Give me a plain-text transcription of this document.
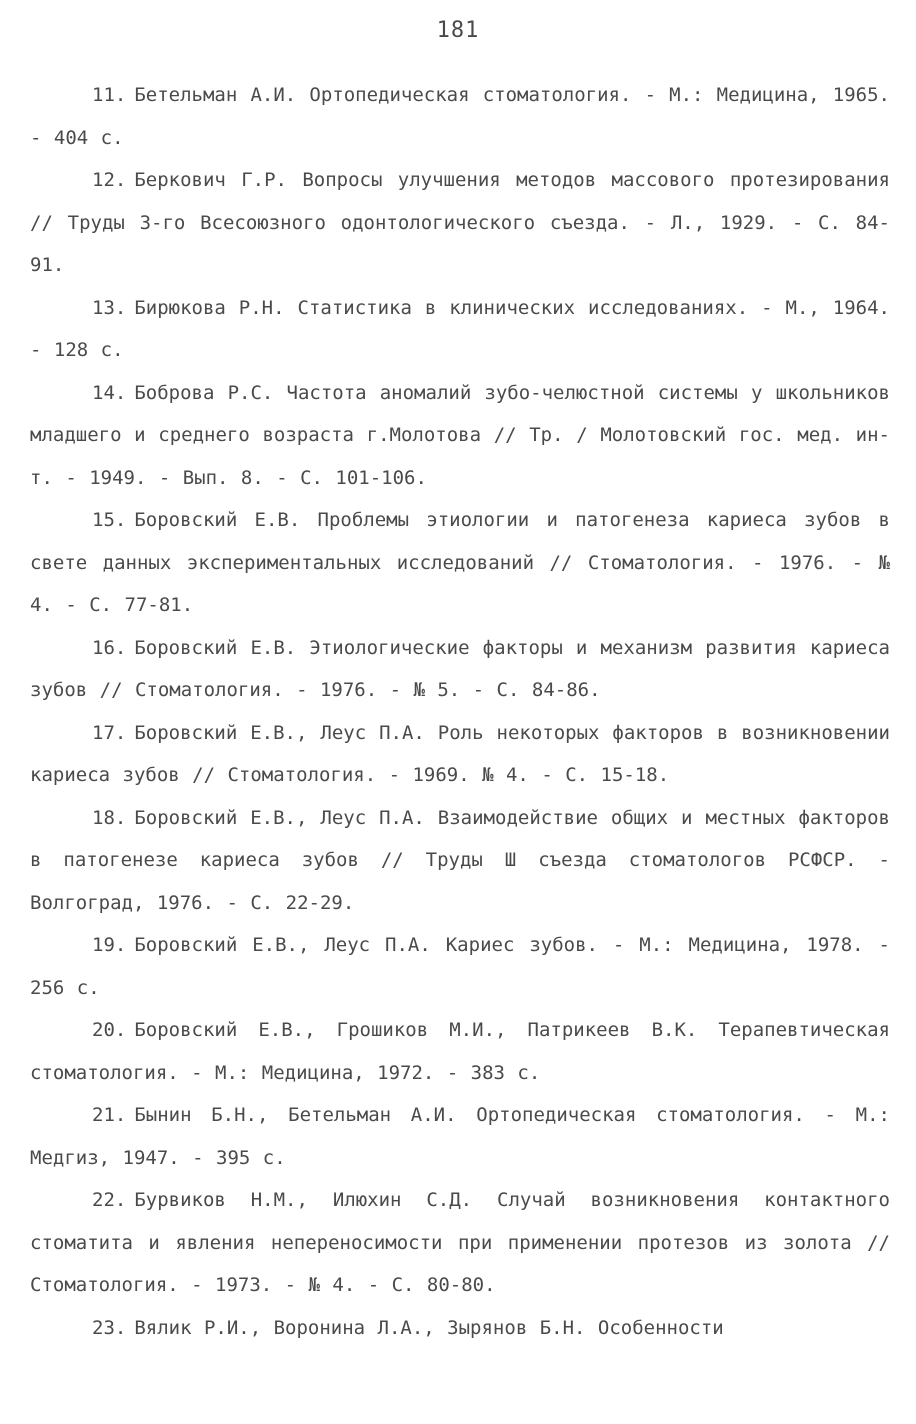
181

11. Бетельман А.И. Ортопедическая стоматология. - М.: Медицина, 1965. - 404 с.

12. Беркович Г.Р. Вопросы улучшения методов массового протезирования // Труды 3-го Всесоюзного одонтологического съезда. - Л., 1929. - С. 84-91.

13. Бирюкова Р.Н. Статистика в клинических исследованиях. - М., 1964. - 128 с.

14. Боброва Р.С. Частота аномалий зубо-челюстной системы у школьников младшего и среднего возраста г.Молотова // Тр. / Молотовский гос. мед. ин-т. - 1949. - Вып. 8. - С. 101-106.

15. Боровский Е.В. Проблемы этиологии и патогенеза кариеса зубов в свете данных экспериментальных исследований // Стоматология. - 1976. - № 4. - С. 77-81.

16. Боровский Е.В. Этиологические факторы и механизм развития кариеса зубов // Стоматология. - 1976. - № 5. - С. 84-86.

17. Боровский Е.В., Леус П.А. Роль некоторых факторов в возникновении кариеса зубов // Стоматология. - 1969. № 4. - С. 15-18.

18. Боровский Е.В., Леус П.А. Взаимодействие общих и местных факторов в патогенезе кариеса зубов // Труды Ш съезда стоматологов РСФСР. - Волгоград, 1976. - С. 22-29.

19. Боровский Е.В., Леус П.А. Кариес зубов. - М.: Медицина, 1978. - 256 с.

20. Боровский Е.В., Грошиков М.И., Патрикеев В.К. Терапевтическая стоматология. - М.: Медицина, 1972. - 383 с.

21. Бынин Б.Н., Бетельман А.И. Ортопедическая стоматология. - М.: Медгиз, 1947. - 395 с.

22. Бурвиков Н.М., Илюхин С.Д. Случай возникновения контактного стоматита и явления непереносимости при применении протезов из золота // Стоматология. - 1973. - № 4. - С. 80-80.

23. Вялик Р.И., Воронина Л.А., Зырянов Б.Н. Особенности
